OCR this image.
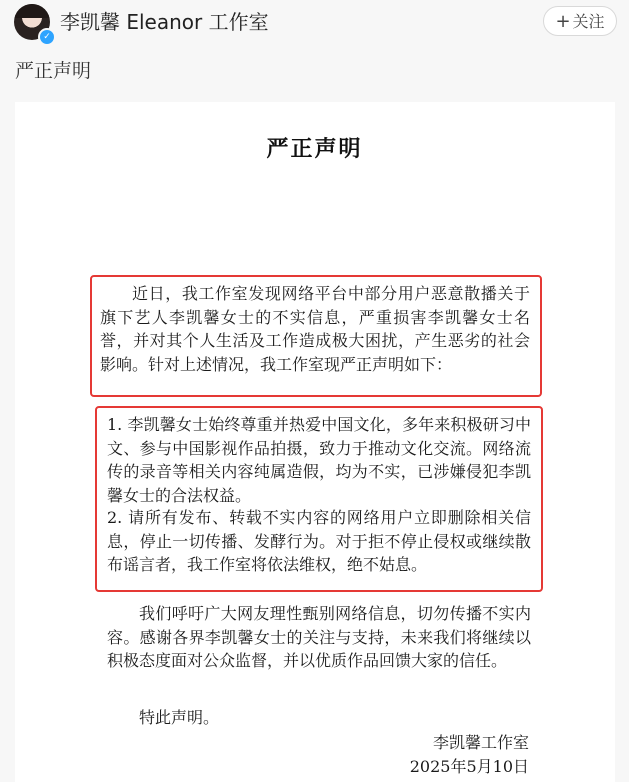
✓
李凯馨 Eleanor 工作室	+ 关注
严正声明
严正声明
近日，我工作室发现网络平台中部分用户恶意散播关于旗下艺人李凯馨女士的不实信息，严重损害李凯馨女士名誉，并对其个人生活及工作造成极大困扰，产生恶劣的社会影响。针对上述情况，我工作室现严正声明如下：
1. 李凯馨女士始终尊重并热爱中国文化，多年来积极研习中文、参与中国影视作品拍摄，致力于推动文化交流。网络流传的录音等相关内容纯属造假，均为不实，已涉嫌侵犯李凯馨女士的合法权益。
2. 请所有发布、转载不实内容的网络用户立即删除相关信息，停止一切传播、发酵行为。对于拒不停止侵权或继续散布谣言者，我工作室将依法维权，绝不姑息。
我们呼吁广大网友理性甄别网络信息，切勿传播不实内容。感谢各界李凯馨女士的关注与支持，未来我们将继续以积极态度面对公众监督，并以优质作品回馈大家的信任。
特此声明。
李凯馨工作室
2025年5月10日
